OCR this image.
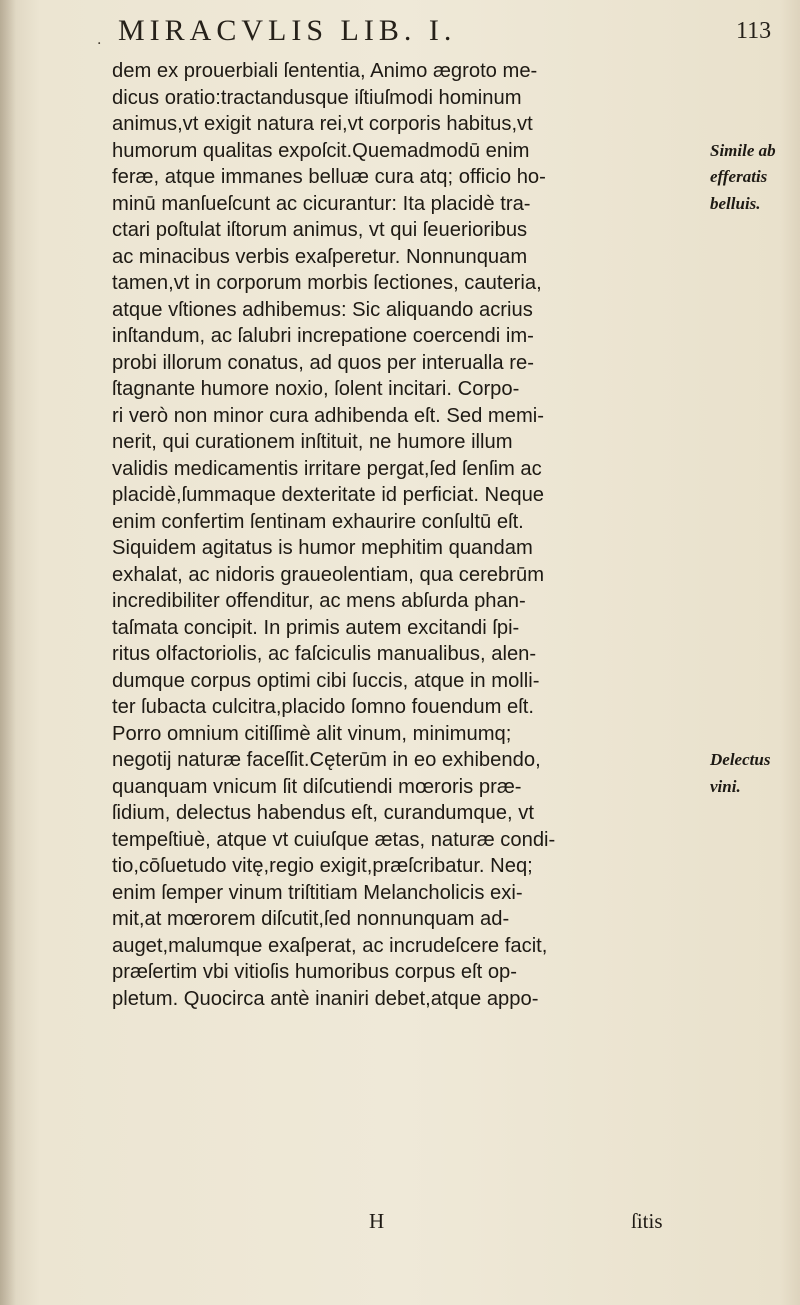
· MIRACVLIS LIB. I.	113
dem ex prouerbiali ſententia, Animo ægroto me-
dicus oratio:tractandusque iſtiuſmodi hominum
animus,vt exigit natura rei,vt corporis habitus,vt
humorum qualitas expoſcit.Quemadmodū enim
feræ, atque immanes belluæ cura atq; officio ho-
minū manſueſcunt ac cicurantur: Ita placidè tra-
ctari poſtulat iſtorum animus, vt qui ſeuerioribus
ac minacibus verbis exaſperetur. Nonnunquam
tamen,vt in corporum morbis ſectiones, cauteria,
atque vſtiones adhibemus: Sic aliquando acrius
inſtandum, ac ſalubri increpatione coercendi im-
probi illorum conatus, ad quos per interualla re-
ſtagnante humore noxio, ſolent incitari. Corpo-
ri verò non minor cura adhibenda eſt. Sed memi-
nerit, qui curationem inſtituit, ne humore illum
validis medicamentis irritare pergat,ſed ſenſim ac
placidè,ſummaque dexteritate id perficiat. Neque
enim confertim ſentinam exhaurire conſultū eſt.
Siquidem agitatus is humor mephitim quandam
exhalat, ac nidoris graueolentiam, qua cerebrūm
incredibiliter offenditur, ac mens abſurda phan-
taſmata concipit. In primis autem excitandi ſpi-
ritus olfactoriolis, ac faſciculis manualibus, alen-
dumque corpus optimi cibi ſuccis, atque in molli-
ter ſubacta culcitra,placido ſomno fouendum eſt.
Porro omnium citiſſimè alit vinum, minimumq;
negotij naturæ faceſſit.Cęterūm in eo exhibendo,
quanquam vnicum ſit diſcutiendi mœroris præ-
ſidium, delectus habendus eſt, curandumque, vt
tempeſtiuè, atque vt cuiuſque ætas, naturæ condi-
tio,cōſuetudo vitę,regio exigit,præſcribatur. Neq;
enim ſemper vinum triſtitiam Melancholicis exi-
mit,at mœrorem diſcutit,ſed nonnunquam ad-
auget,malumque exaſperat, ac incrudeſcere facit,
præſertim vbi vitioſis humoribus corpus eſt op-
pletum. Quocirca antè inaniri debet,atque appo-
Simile ab
efferatis
belluis.
Delectus
vini.
H	ſitis
